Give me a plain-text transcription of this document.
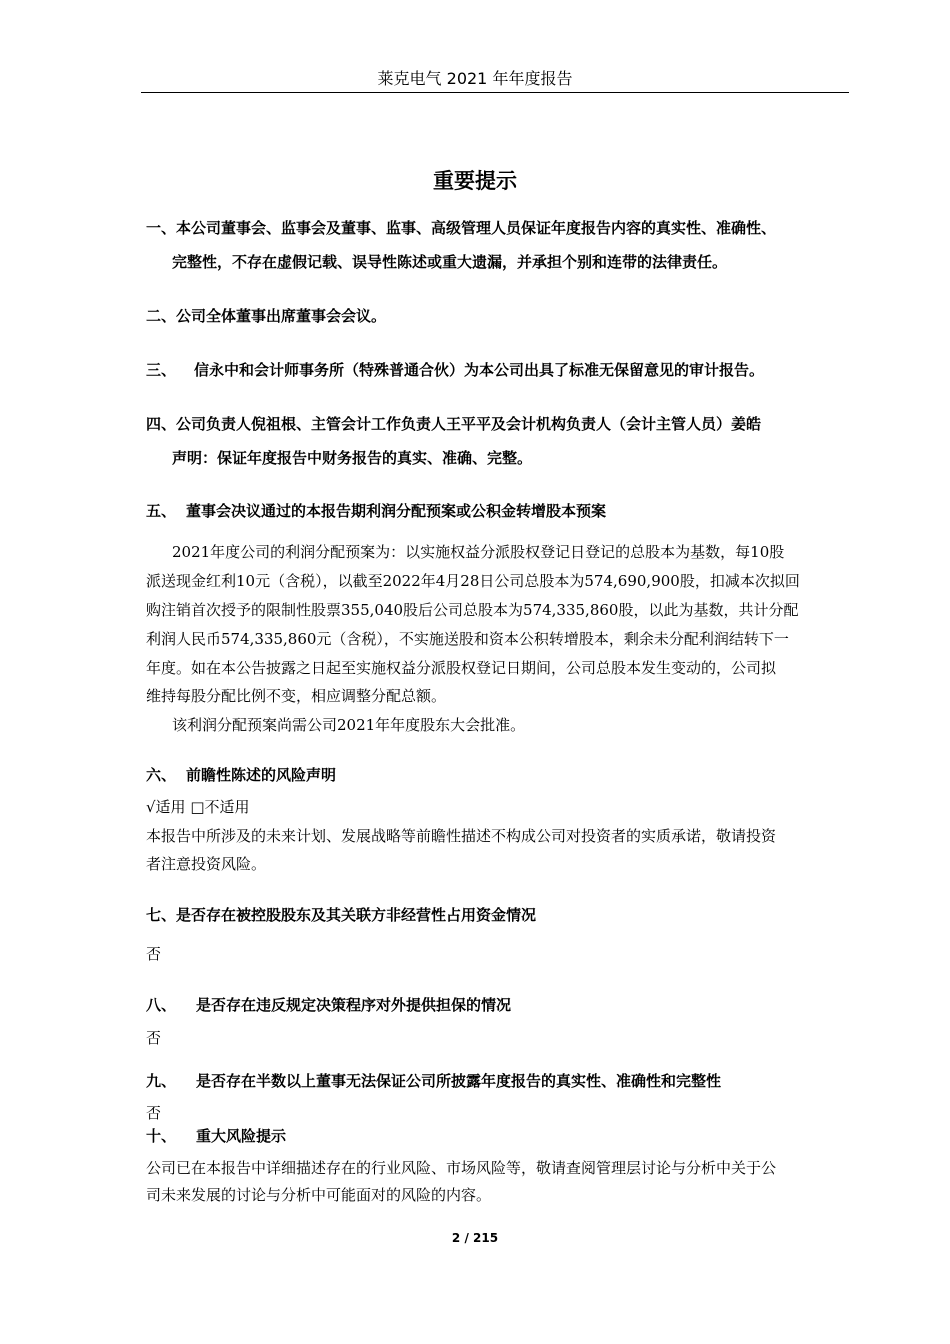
莱克电气 2021 年年度报告
重要提示
一、本公司董事会、监事会及董事、监事、高级管理人员保证年度报告内容的真实性、准确性、
完整性，不存在虚假记载、误导性陈述或重大遗漏，并承担个别和连带的法律责任。
二、公司全体董事出席董事会会议。
三、 信永中和会计师事务所（特殊普通合伙）为本公司出具了标准无保留意见的审计报告。
四、公司负责人倪祖根、主管会计工作负责人王平平及会计机构负责人（会计主管人员）姜皓
声明：保证年度报告中财务报告的真实、准确、完整。
五、 董事会决议通过的本报告期利润分配预案或公积金转增股本预案
2021年度公司的利润分配预案为：以实施权益分派股权登记日登记的总股本为基数，每10股
派送现金红利10元（含税），以截至2022年4月28日公司总股本为574,690,900股，扣减本次拟回
购注销首次授予的限制性股票355,040股后公司总股本为574,335,860股，以此为基数，共计分配
利润人民币574,335,860元（含税），不实施送股和资本公积转增股本，剩余未分配利润结转下一
年度。如在本公告披露之日起至实施权益分派股权登记日期间，公司总股本发生变动的，公司拟
维持每股分配比例不变，相应调整分配总额。
该利润分配预案尚需公司2021年年度股东大会批准。
六、 前瞻性陈述的风险声明
√适用 □不适用
本报告中所涉及的未来计划、发展战略等前瞻性描述不构成公司对投资者的实质承诺，敬请投资
者注意投资风险。
七、是否存在被控股股东及其关联方非经营性占用资金情况
否
八、 是否存在违反规定决策程序对外提供担保的情况
否
九、 是否存在半数以上董事无法保证公司所披露年度报告的真实性、准确性和完整性
否
十、 重大风险提示
公司已在本报告中详细描述存在的行业风险、市场风险等，敬请查阅管理层讨论与分析中关于公
司未来发展的讨论与分析中可能面对的风险的内容。
2 / 215
